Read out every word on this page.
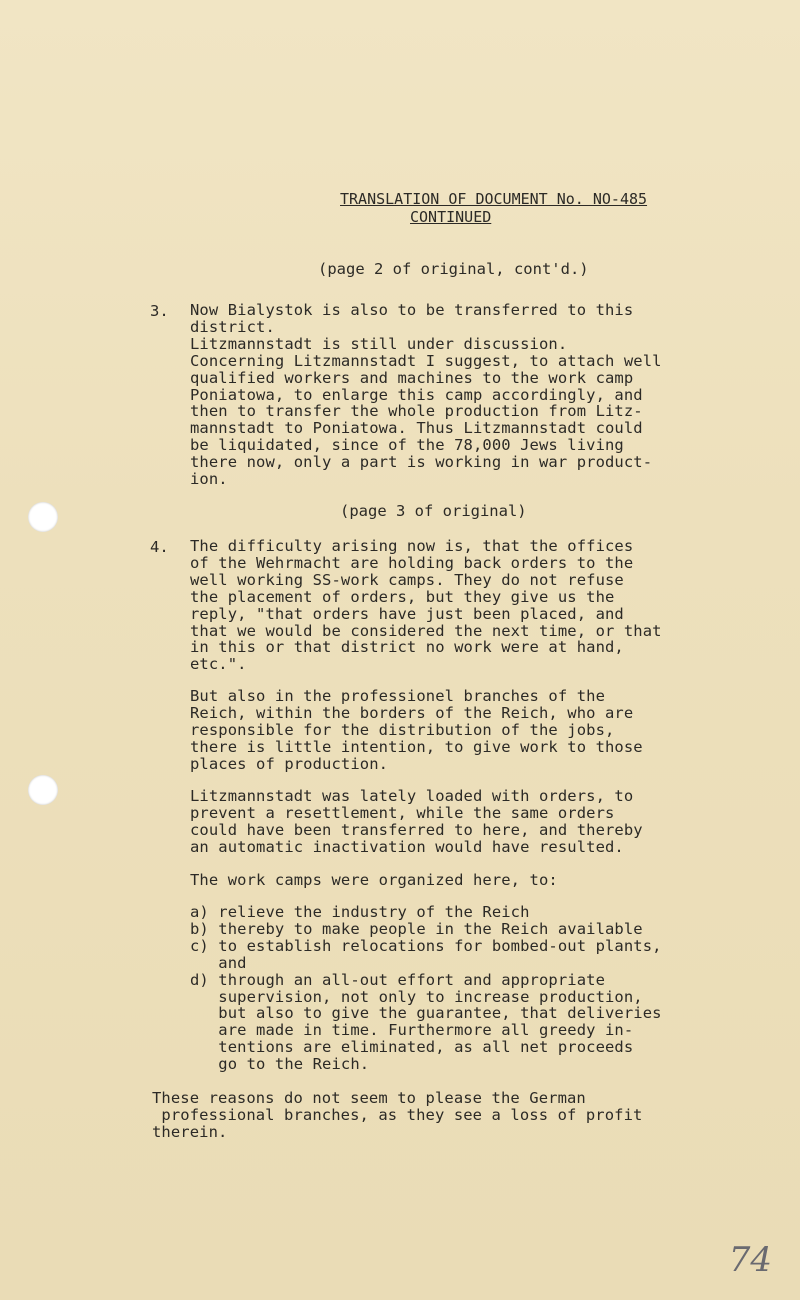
TRANSLATION OF DOCUMENT No. NO-485
CONTINUED
(page 2 of original, cont'd.)
3. Now Bialystok is also to be transferred to this
district.
Litzmannstadt is still under discussion.
Concerning Litzmannstadt I suggest, to attach well
qualified workers and machines to the work camp
Poniatowa, to enlarge this camp accordingly, and
then to transfer the whole production from Litz-
mannstadt to Poniatowa. Thus Litzmannstadt could
be liquidated, since of the 78,000 Jews living
there now, only a part is working in war product-
ion.
(page 3 of original)
4. The difficulty arising now is, that the offices
of the Wehrmacht are holding back orders to the
well working SS-work camps. They do not refuse
the placement of orders, but they give us the
reply, "that orders have just been placed, and
that we would be considered the next time, or that
in this or that district no work were at hand,
etc.".
But also in the professionel branches of the
Reich, within the borders of the Reich, who are
responsible for the distribution of the jobs,
there is little intention, to give work to those
places of production.
Litzmannstadt was lately loaded with orders, to
prevent a resettlement, while the same orders
could have been transferred to here, and thereby
an automatic inactivation would have resulted.
The work camps were organized here, to:
a) relieve the industry of the Reich
b) thereby to make people in the Reich available
c) to establish relocations for bombed-out plants,
and
d) through an all-out effort and appropriate
supervision, not only to increase production,
but also to give the guarantee, that deliveries
are made in time. Furthermore all greedy in-
tentions are eliminated, as all net proceeds
go to the Reich.
These reasons do not seem to please the German
professional branches, as they see a loss of profit
therein.
74
